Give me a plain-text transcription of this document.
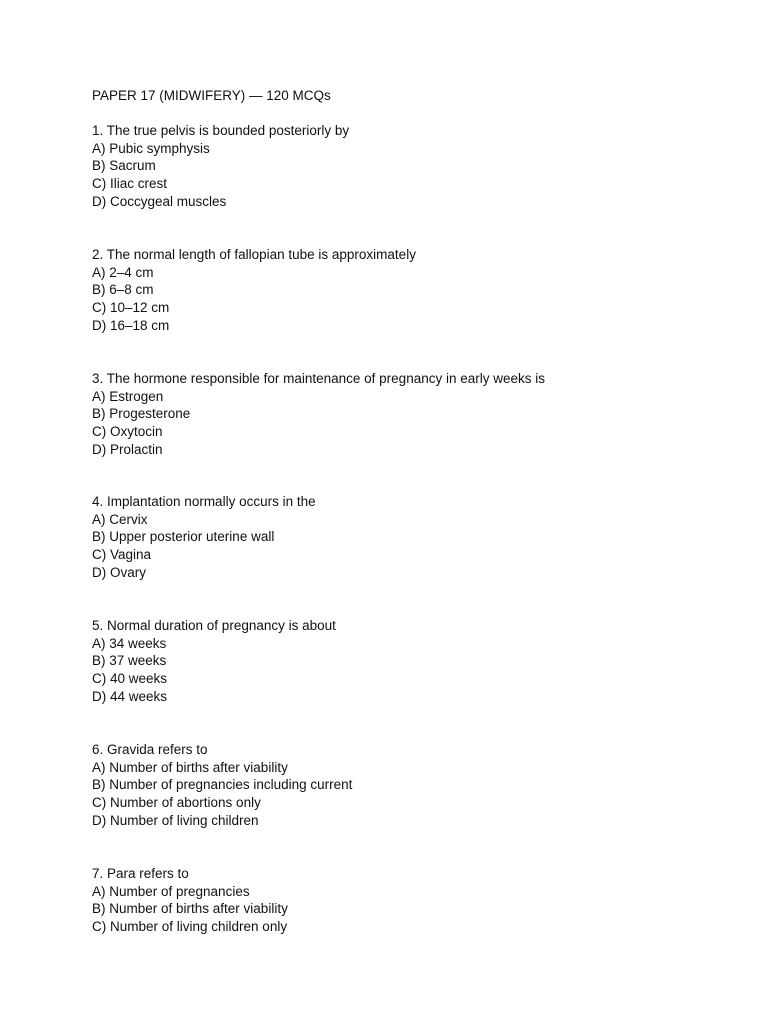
PAPER 17 (MIDWIFERY) — 120 MCQs
1. The true pelvis is bounded posteriorly by
A) Pubic symphysis
B) Sacrum
C) Iliac crest
D) Coccygeal muscles
2. The normal length of fallopian tube is approximately
A) 2–4 cm
B) 6–8 cm
C) 10–12 cm
D) 16–18 cm
3. The hormone responsible for maintenance of pregnancy in early weeks is
A) Estrogen
B) Progesterone
C) Oxytocin
D) Prolactin
4. Implantation normally occurs in the
A) Cervix
B) Upper posterior uterine wall
C) Vagina
D) Ovary
5. Normal duration of pregnancy is about
A) 34 weeks
B) 37 weeks
C) 40 weeks
D) 44 weeks
6. Gravida refers to
A) Number of births after viability
B) Number of pregnancies including current
C) Number of abortions only
D) Number of living children
7. Para refers to
A) Number of pregnancies
B) Number of births after viability
C) Number of living children only
